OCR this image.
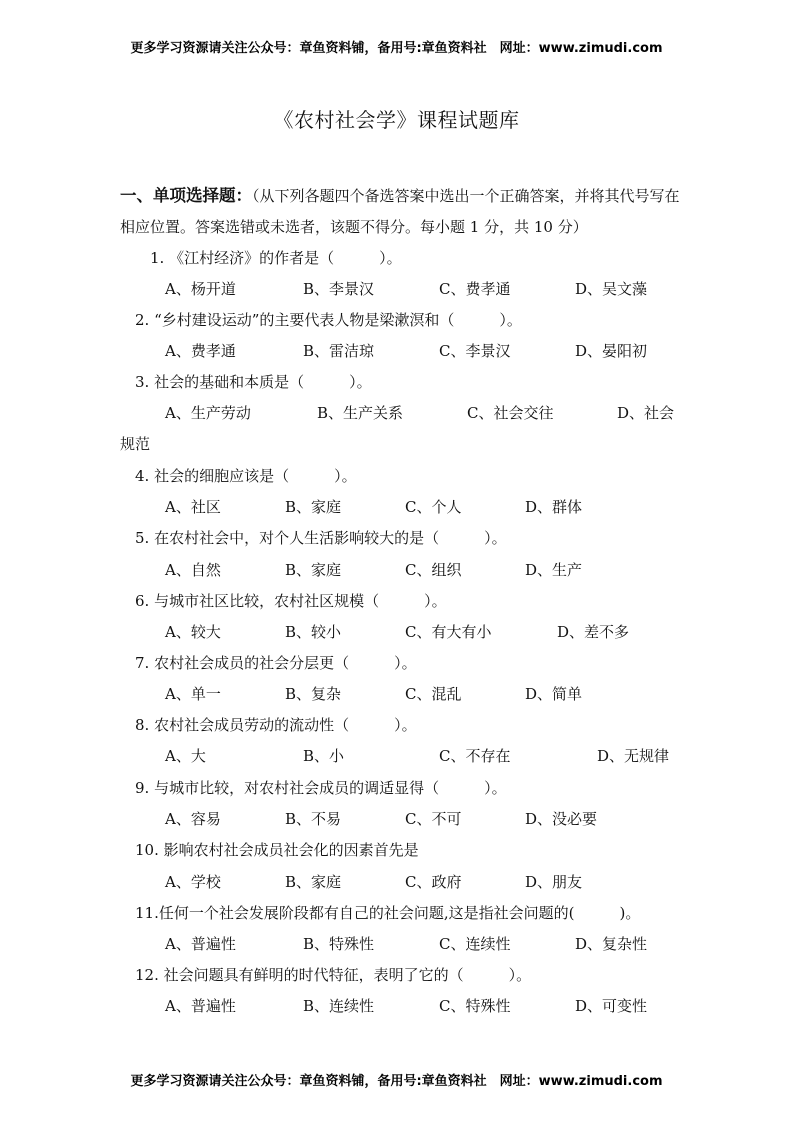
更多学习资源请关注公众号：章鱼资料铺，备用号:章鱼资料社　网址：www.zimudi.com
《农村社会学》课程试题库
一、单项选择题：（从下列各题四个备选答案中选出一个正确答案，并将其代号写在相应位置。答案选错或未选者，该题不得分。每小题 1 分，共 10 分）
1. 《江村经济》的作者是（　　　）。
A、杨开道	B、李景汉	C、费孝通	D、吴文藻
2. “乡村建设运动”的主要代表人物是梁漱溟和（　　　）。
A、费孝通	B、雷洁琼	C、李景汉	D、晏阳初
3. 社会的基础和本质是（　　　）。
A、生产劳动	B、生产关系	C、社会交往	D、社会
规范
4. 社会的细胞应该是（　　　）。
A、社区	B、家庭	C、个人	D、群体
5. 在农村社会中，对个人生活影响较大的是（　　　）。
A、自然	B、家庭	C、组织	D、生产
6. 与城市社区比较，农村社区规模（　　　）。
A、较大	B、较小	C、有大有小	D、差不多
7. 农村社会成员的社会分层更（　　　）。
A、单一	B、复杂	C、混乱	D、简单
8. 农村社会成员劳动的流动性（　　　）。
A、大	B、小	C、不存在	D、无规律
9. 与城市比较，对农村社会成员的调适显得（　　　）。
A、容易	B、不易	C、不可	D、没必要
10. 影响农村社会成员社会化的因素首先是
A、学校	B、家庭	C、政府	D、朋友
11.任何一个社会发展阶段都有自己的社会问题,这是指社会问题的(　　　)。
A、普遍性	B、特殊性	C、连续性	D、复杂性
12. 社会问题具有鲜明的时代特征，表明了它的（　　　）。
A、普遍性	B、连续性	C、特殊性	D、可变性
更多学习资源请关注公众号：章鱼资料铺，备用号:章鱼资料社　网址：www.zimudi.com
